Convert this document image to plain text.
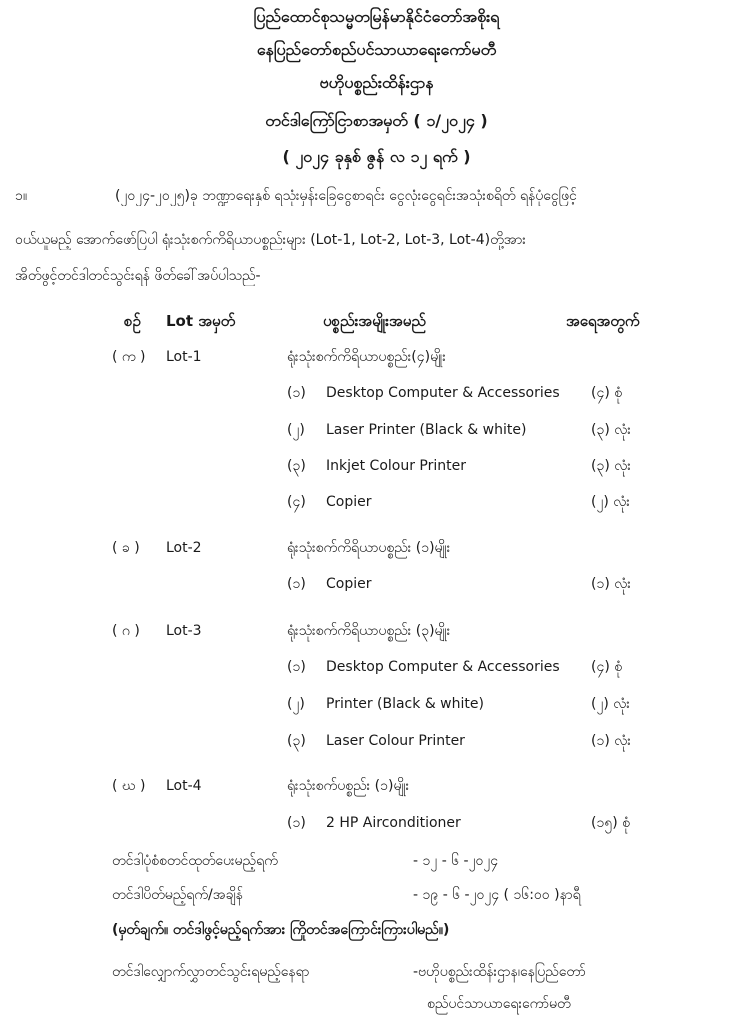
ပြည်ထောင်စုသမ္မတမြန်မာနိုင်ငံတော်အစိုးရ
နေပြည်တော်စည်ပင်သာယာရေးကော်မတီ
ဗဟိုပစ္စည်းထိန်းဌာန
တင်ဒါကြော်ငြာစာအမှတ် ( ၁/၂၀၂၄ )
( ၂၀၂၄ ခုနှစ် ဇွန် လ ၁၂ ရက် )
၁။	(၂၀၂၄-၂၀၂၅)ခု ဘဏ္ဍာရေးနှစ် ရသုံးမှန်းခြေငွေစာရင်း ငွေလုံးငွေရင်းအသုံးစရိတ် ရန်ပုံငွေဖြင့်
ဝယ်ယူမည့် အောက်ဖော်ပြပါ ရုံးသုံးစက်ကိရိယာပစ္စည်းများ (Lot-1, Lot-2, Lot-3, Lot-4)တို့အား
အိတ်ဖွင့်တင်ဒါတင်သွင်းရန် ဖိတ်ခေါ်အပ်ပါသည်-
စဉ် Lot အမှတ်	ပစ္စည်းအမျိုးအမည်	အရေအတွက်
( က ) Lot-1	ရုံးသုံးစက်ကိရိယာပစ္စည်း(၄)မျိုး
(၁) Desktop Computer & Accessories (၄) စုံ
(၂) Laser Printer (Black & white)	(၃) လုံး
(၃) Inkjet Colour Printer	(၃) လုံး
(၄) Copier	(၂) လုံး
( ခ ) Lot-2	ရုံးသုံးစက်ကိရိယာပစ္စည်း (၁)မျိုး
(၁) Copier	(၁) လုံး
( ဂ ) Lot-3	ရုံးသုံးစက်ကိရိယာပစ္စည်း (၃)မျိုး
(၁) Desktop Computer & Accessories (၄) စုံ
(၂) Printer (Black & white)	(၂) လုံး
(၃) Laser Colour Printer	(၁) လုံး
( ဃ ) Lot-4	ရုံးသုံးစက်ပစ္စည်း (၁)မျိုး
(၁) 2 HP Airconditioner	(၁၅) စုံ
တင်ဒါပုံစံစတင်ထုတ်ပေးမည့်ရက်	- ၁၂ - ၆ -၂၀၂၄
တင်ဒါပိတ်မည့်ရက်/အချိန်	- ၁၉ - ၆ -၂၀၂၄ ( ၁၆:၀၀ )နာရီ
(မှတ်ချက်။ တင်ဒါဖွင့်မည့်ရက်အား ကြိုတင်အကြောင်းကြားပါမည်။)
တင်ဒါလျှောက်လွှာတင်သွင်းရမည့်နေရာ	-ဗဟိုပစ္စည်းထိန်းဌာန၊နေပြည်တော်
စည်ပင်သာယာရေးကော်မတီ
